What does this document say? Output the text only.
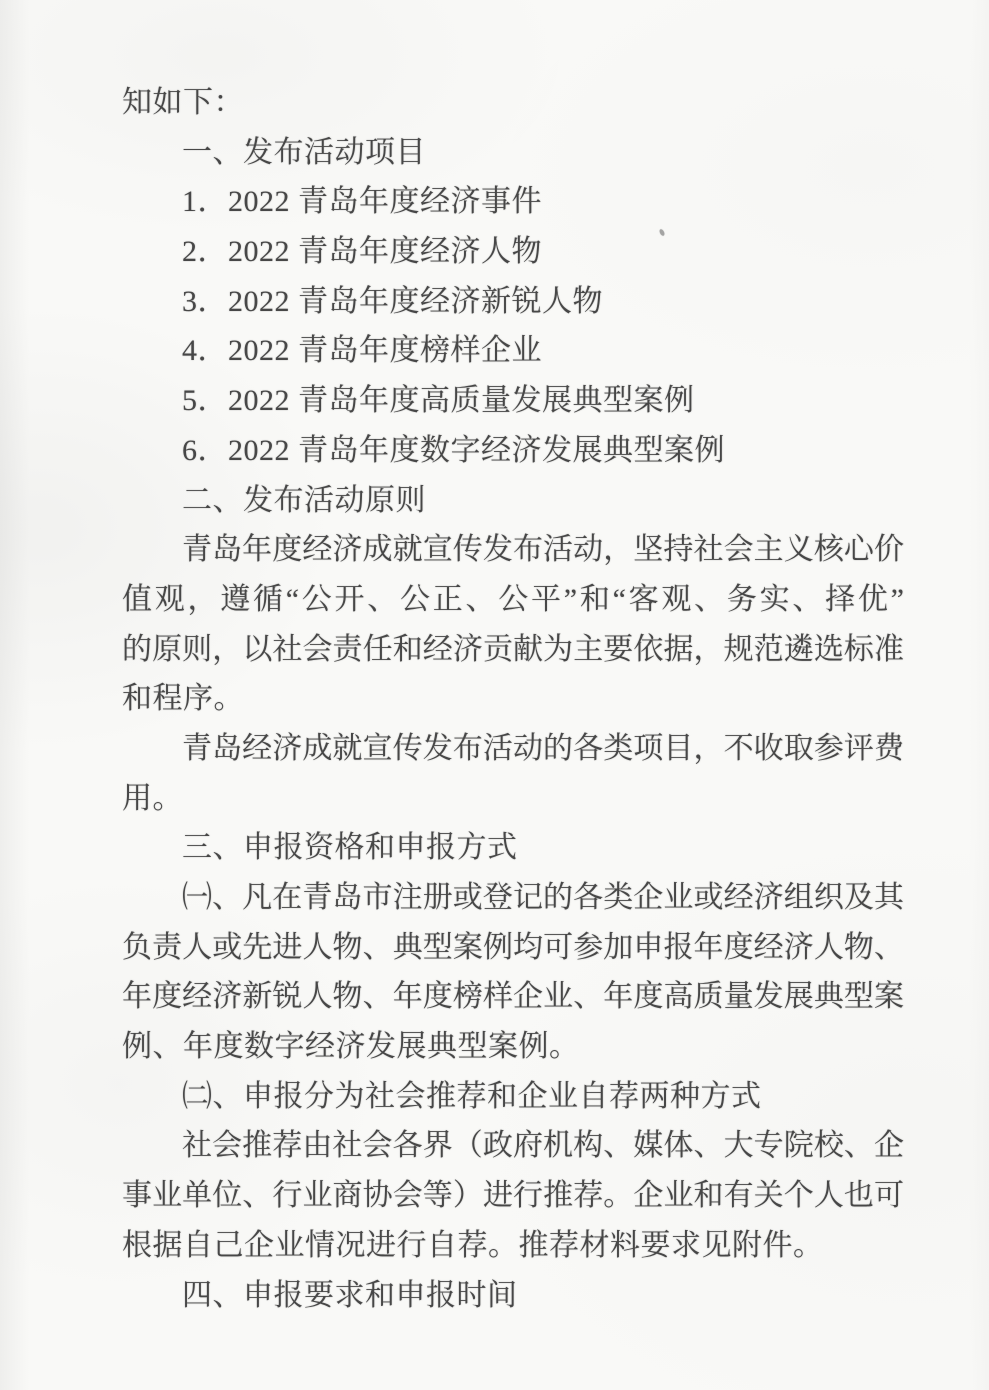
知如下：
一、发布活动项目
1．2022 青岛年度经济事件
2．2022 青岛年度经济人物
3．2022 青岛年度经济新锐人物
4．2022 青岛年度榜样企业
5．2022 青岛年度高质量发展典型案例
6．2022 青岛年度数字经济发展典型案例
二、发布活动原则
青岛年度经济成就宣传发布活动，坚持社会主义核心价
值观，遵循“公开、公正、公平”和“客观、务实、择优”
的原则，以社会责任和经济贡献为主要依据，规范遴选标准
和程序。
青岛经济成就宣传发布活动的各类项目，不收取参评费
用。
三、申报资格和申报方式
㈠、凡在青岛市注册或登记的各类企业或经济组织及其
负责人或先进人物、典型案例均可参加申报年度经济人物、
年度经济新锐人物、年度榜样企业、年度高质量发展典型案
例、年度数字经济发展典型案例。
㈡、申报分为社会推荐和企业自荐两种方式
社会推荐由社会各界（政府机构、媒体、大专院校、企
事业单位、行业商协会等）进行推荐。企业和有关个人也可
根据自己企业情况进行自荐。推荐材料要求见附件。
四、申报要求和申报时间
